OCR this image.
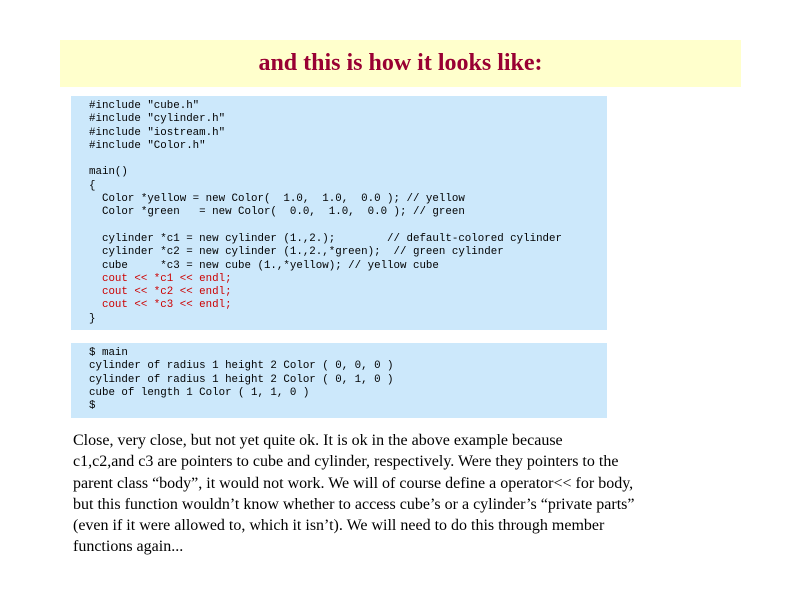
and this is how it looks like:
#include "cube.h"
#include "cylinder.h"
#include "iostream.h"
#include "Color.h"
main()
{
Color *yellow = new Color(  1.0,  1.0,  0.0 ); // yellow
Color *green   = new Color(  0.0,  1.0,  0.0 ); // green
cylinder *c1 = new cylinder (1.,2.);        // default-colored cylinder
cylinder *c2 = new cylinder (1.,2.,*green);  // green cylinder
cube     *c3 = new cube (1.,*yellow); // yellow cube
cout << *c1 << endl;
cout << *c2 << endl;
cout << *c3 << endl;
}
$ main
cylinder of radius 1 height 2 Color ( 0, 0, 0 )
cylinder of radius 1 height 2 Color ( 0, 1, 0 )
cube of length 1 Color ( 1, 1, 0 )
$
Close, very close, but not yet quite ok. It is ok in the above example because
c1,c2,and c3 are pointers to cube and cylinder, respectively. Were they pointers to the
parent class “body”, it would not work. We will of course define a operator<< for body,
but this function wouldn’t know whether to access cube’s or a cylinder’s “private parts”
(even if it were allowed to, which it isn’t). We will need to do this through member
functions again...
